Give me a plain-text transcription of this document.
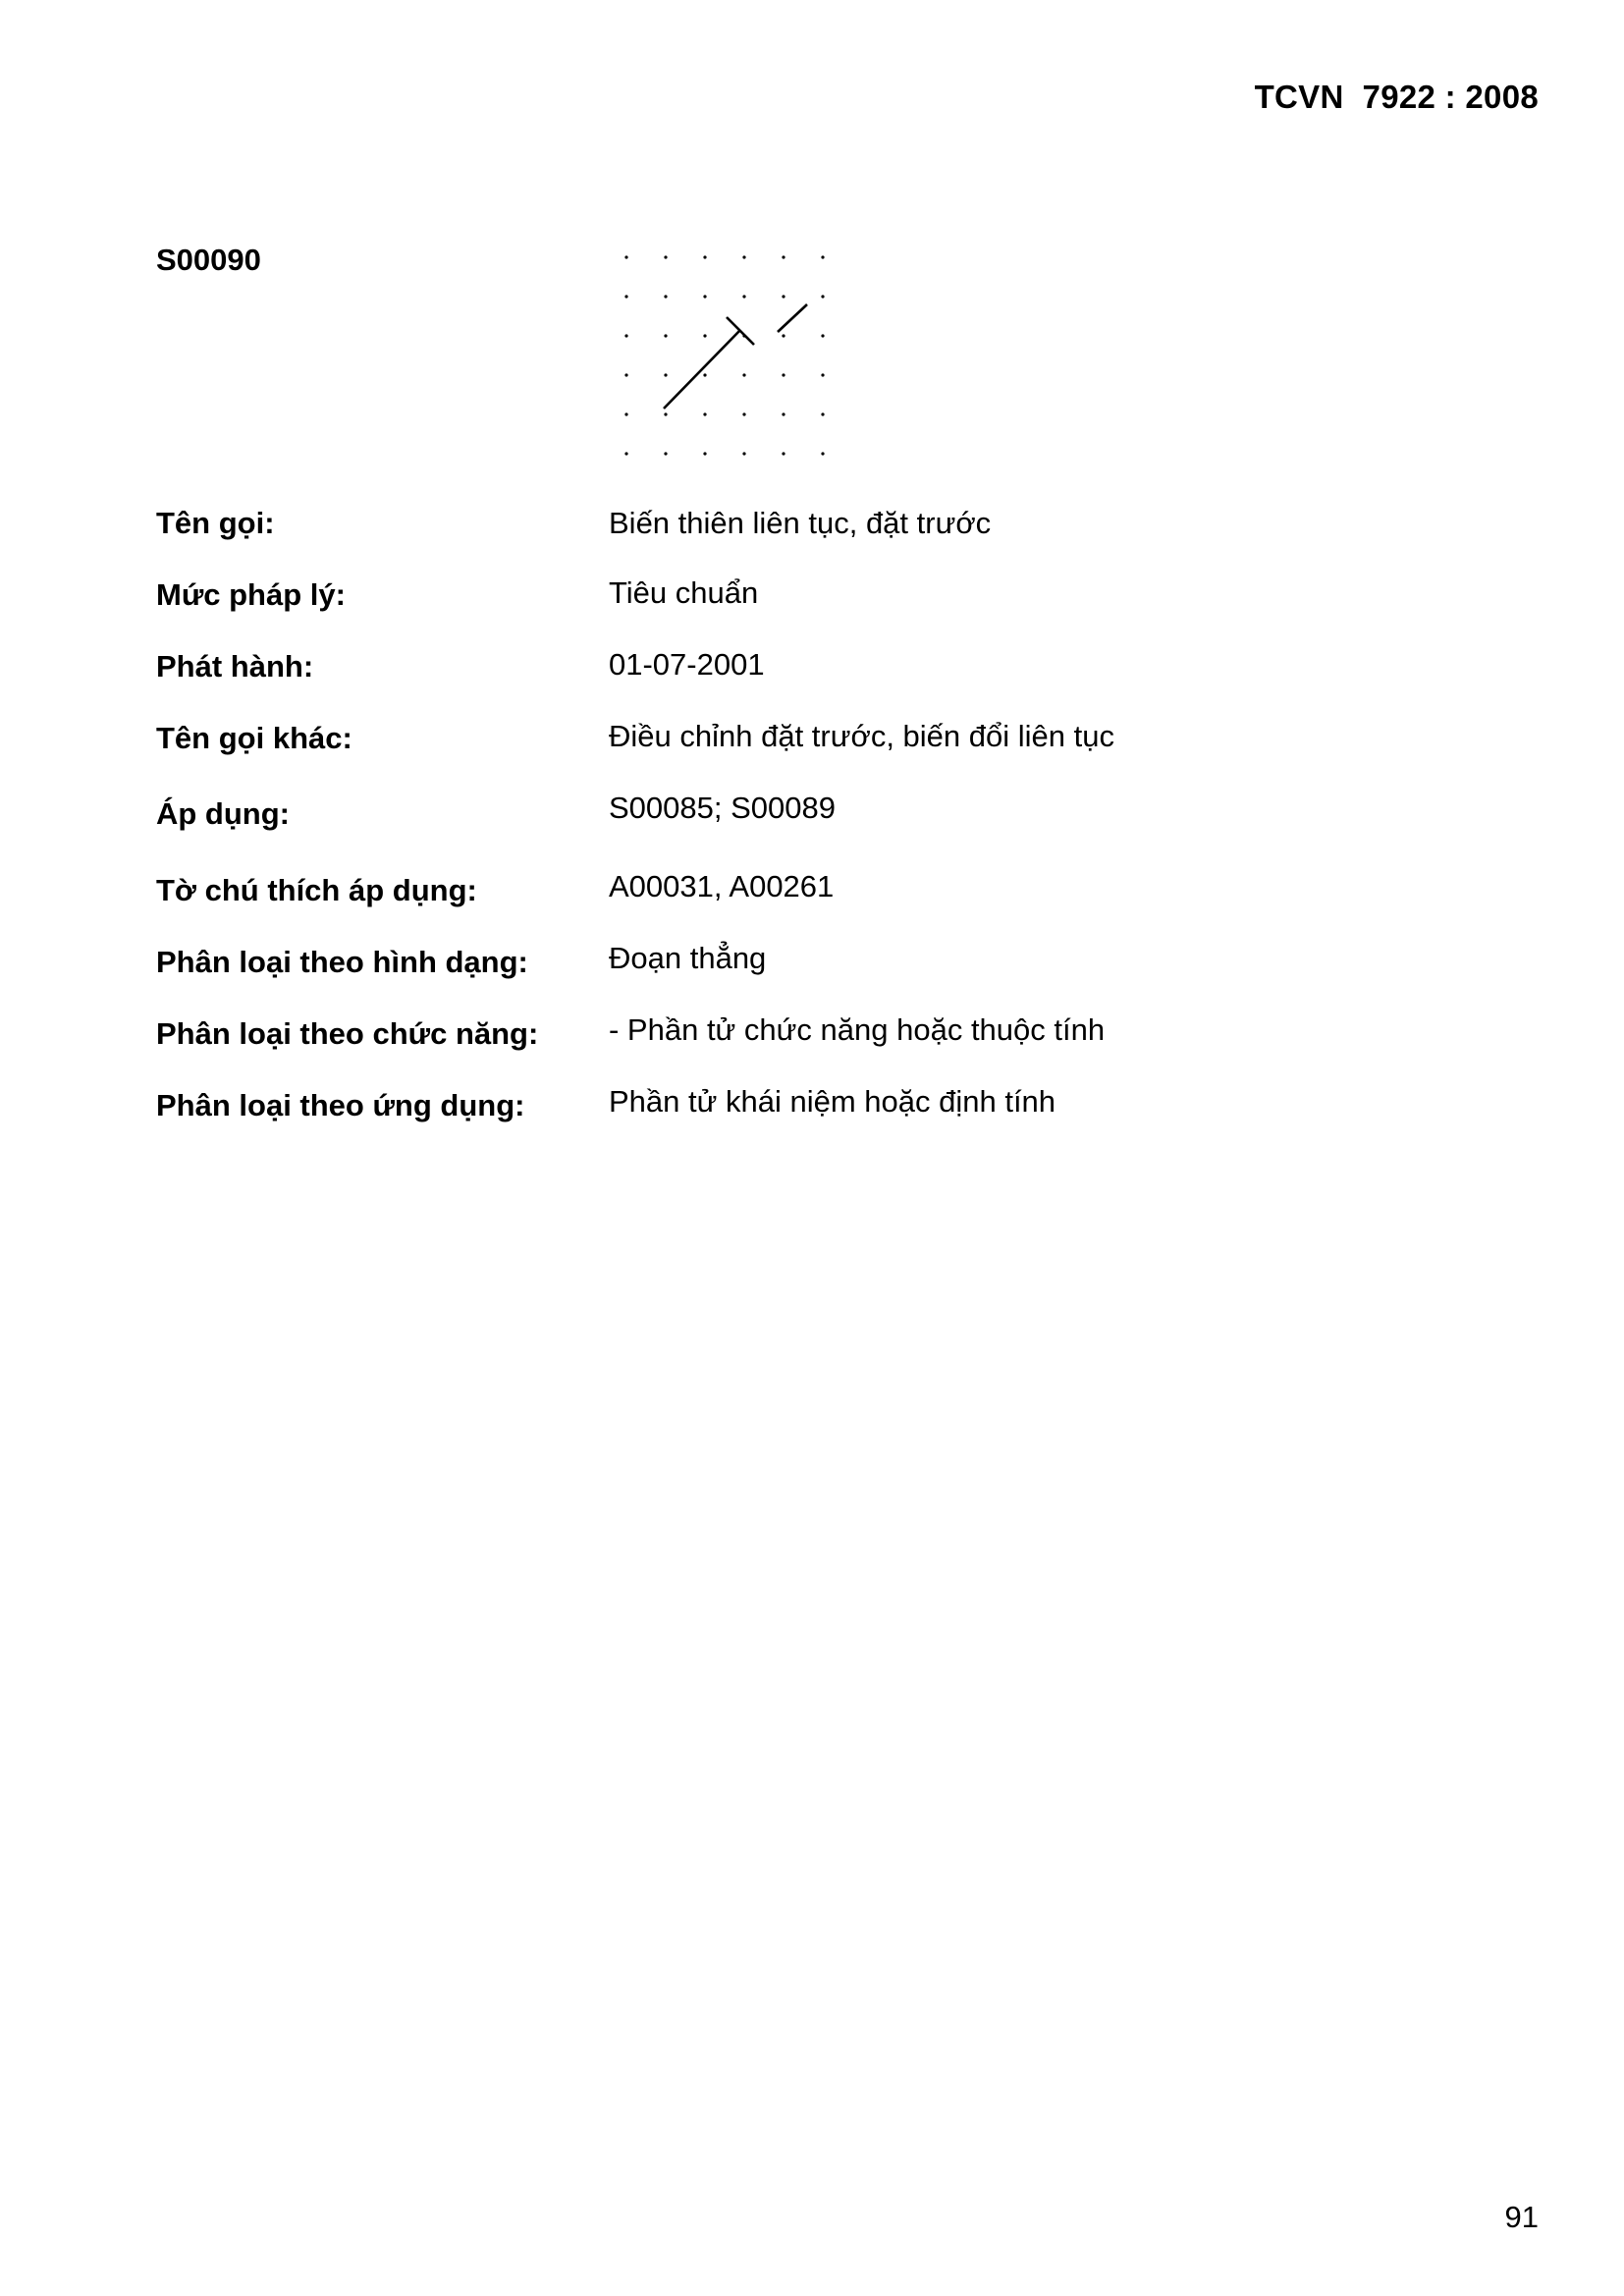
TCVN  7922 : 2008
S00090
Tên gọi:	Biến thiên liên tục, đặt trước
Mức pháp lý:	Tiêu chuẩn
Phát hành:	01-07-2001
Tên gọi khác:	Điều chỉnh đặt trước, biến đổi liên tục
Áp dụng:	S00085; S00089
Tờ chú thích áp dụng:	A00031, A00261
Phân loại theo hình dạng:	Đoạn thẳng
Phân loại theo chức năng: - Phần tử chức năng hoặc thuộc tính
Phân loại theo ứng dụng:	Phần tử khái niệm hoặc định tính
91
